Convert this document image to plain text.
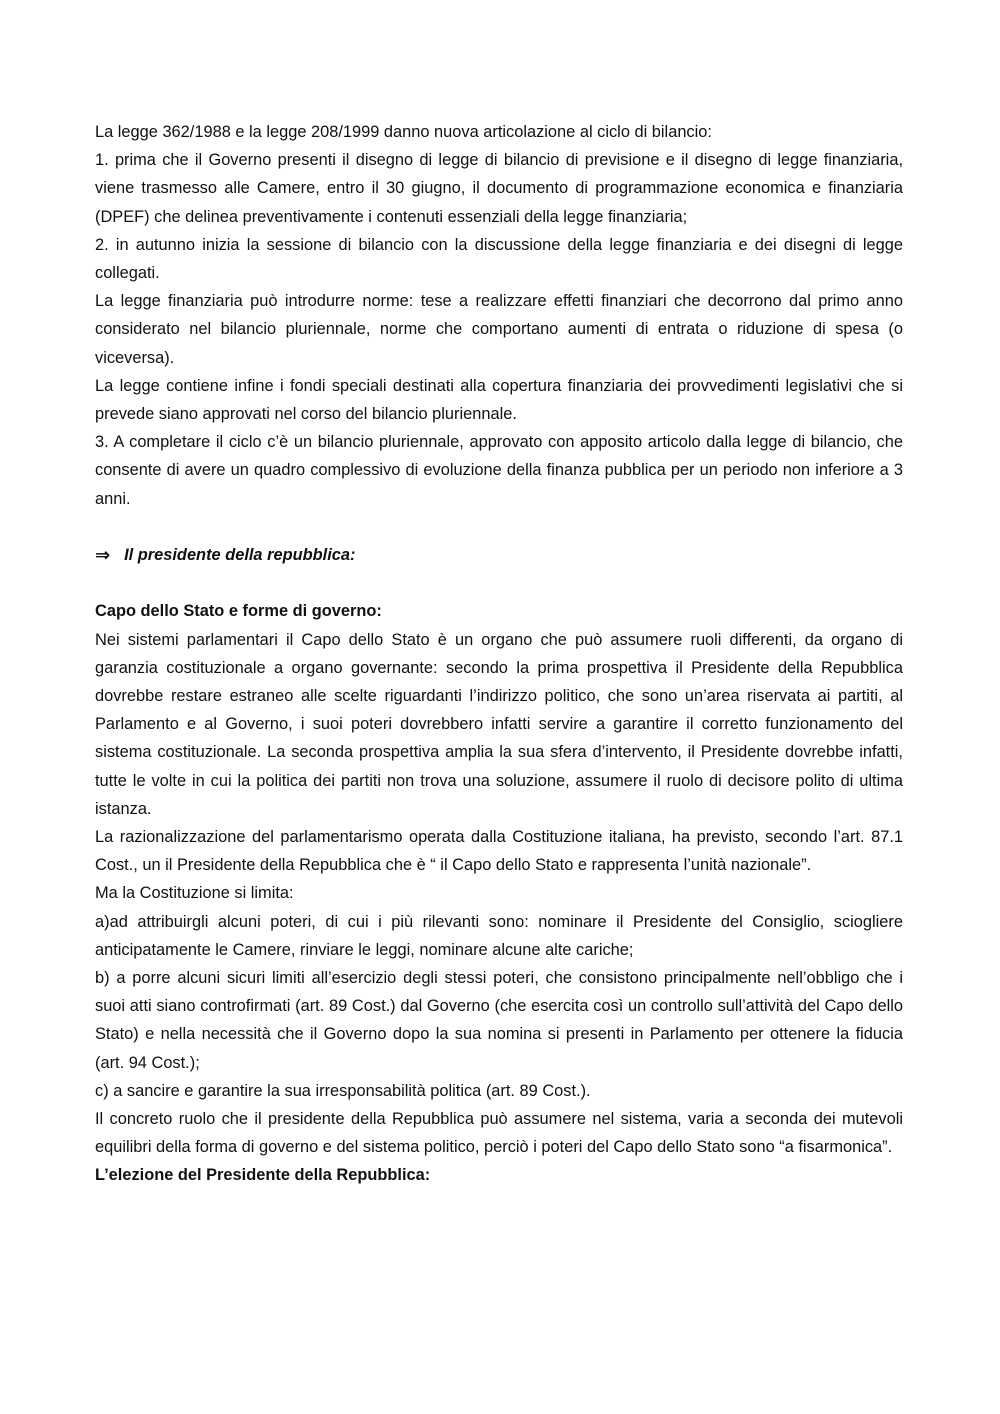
La legge 362/1988 e la legge 208/1999 danno nuova articolazione al ciclo di bilancio:

1. prima che il Governo presenti il disegno di legge di bilancio di previsione e il disegno di legge finanziaria, viene trasmesso alle Camere, entro il 30 giugno, il documento di programmazione economica e finanziaria (DPEF) che delinea preventivamente i contenuti essenziali della legge finanziaria;

2. in autunno inizia la sessione di bilancio con la discussione della legge finanziaria e dei disegni di legge collegati.

La legge finanziaria può introdurre norme: tese a realizzare effetti finanziari che decorrono dal primo anno considerato nel bilancio pluriennale, norme che comportano aumenti di entrata o riduzione di spesa (o viceversa).

La legge contiene infine i fondi speciali destinati alla copertura finanziaria dei provvedimenti legislativi che si prevede siano approvati nel corso del bilancio pluriennale.

3. A completare il ciclo c’è un bilancio pluriennale, approvato con apposito articolo dalla legge di bilancio, che consente di avere un quadro complessivo di evoluzione della finanza pubblica per un periodo non inferiore a 3 anni.

⇒ Il presidente della repubblica:

Capo dello Stato e forme di governo:

Nei sistemi parlamentari il Capo dello Stato è un organo che può assumere ruoli differenti, da organo di garanzia costituzionale a organo governante: secondo la prima prospettiva il Presidente della Repubblica dovrebbe restare estraneo alle scelte riguardanti l’indirizzo politico, che sono un’area riservata ai partiti, al Parlamento e al Governo, i suoi poteri dovrebbero infatti servire a garantire il corretto funzionamento del sistema costituzionale. La seconda prospettiva amplia la sua sfera d’intervento, il Presidente dovrebbe infatti, tutte le volte in cui la politica dei partiti non trova una soluzione, assumere il ruolo di decisore polito di ultima istanza.

La razionalizzazione del parlamentarismo operata dalla Costituzione italiana, ha previsto, secondo l’art. 87.1 Cost., un il Presidente della Repubblica che è “ il Capo dello Stato e rappresenta l’unità nazionale”.

Ma la Costituzione si limita:

a)ad attribuirgli alcuni poteri, di cui i più rilevanti sono: nominare il Presidente del Consiglio, sciogliere anticipatamente le Camere, rinviare le leggi, nominare alcune alte cariche;

b) a porre alcuni sicuri limiti all’esercizio degli stessi poteri, che consistono principalmente nell’obbligo che i suoi atti siano controfirmati (art. 89 Cost.) dal Governo (che esercita così un controllo sull’attività del Capo dello Stato) e nella necessità che il Governo dopo la sua nomina si presenti in Parlamento per ottenere la fiducia (art. 94 Cost.);

c) a sancire e garantire la sua irresponsabilità politica (art. 89 Cost.).

Il concreto ruolo che il presidente della Repubblica può assumere nel sistema, varia a seconda dei mutevoli equilibri della forma di governo e del sistema politico, perciò i poteri del Capo dello Stato sono “a fisarmonica”.

L’elezione del Presidente della Repubblica:
